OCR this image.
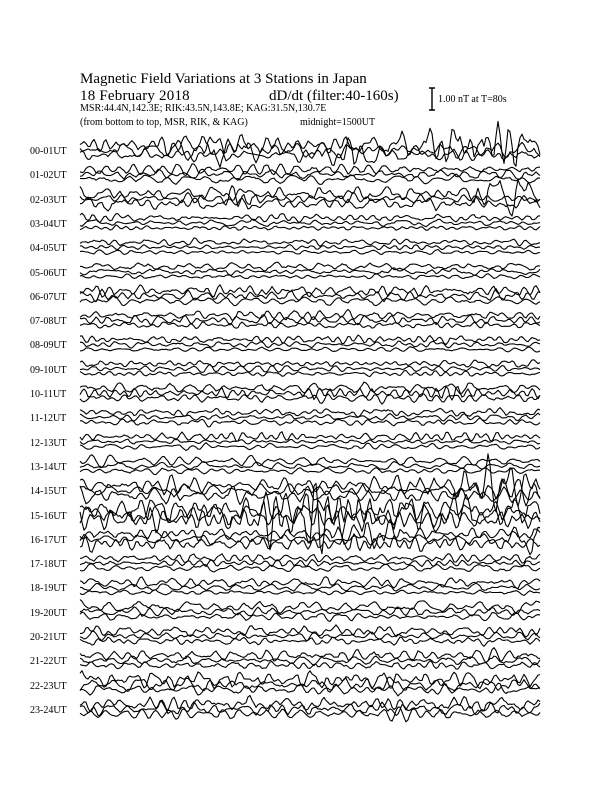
Magnetic Field Variations at 3 Stations in Japan
18 February 2018	dD/dt (filter:40-160s)
MSR:44.4N,142.3E; RIK:43.5N,143.8E; KAG:31.5N,130.7E
(from bottom to top, MSR, RIK, & KAG)	midnight=1500UT
1.00 nT at T=80s
00-01UT
01-02UT
02-03UT
03-04UT
04-05UT
05-06UT
06-07UT
07-08UT
08-09UT
09-10UT
10-11UT
11-12UT
12-13UT
13-14UT
14-15UT
15-16UT
16-17UT
17-18UT
18-19UT
19-20UT
20-21UT
21-22UT
22-23UT
23-24UT
